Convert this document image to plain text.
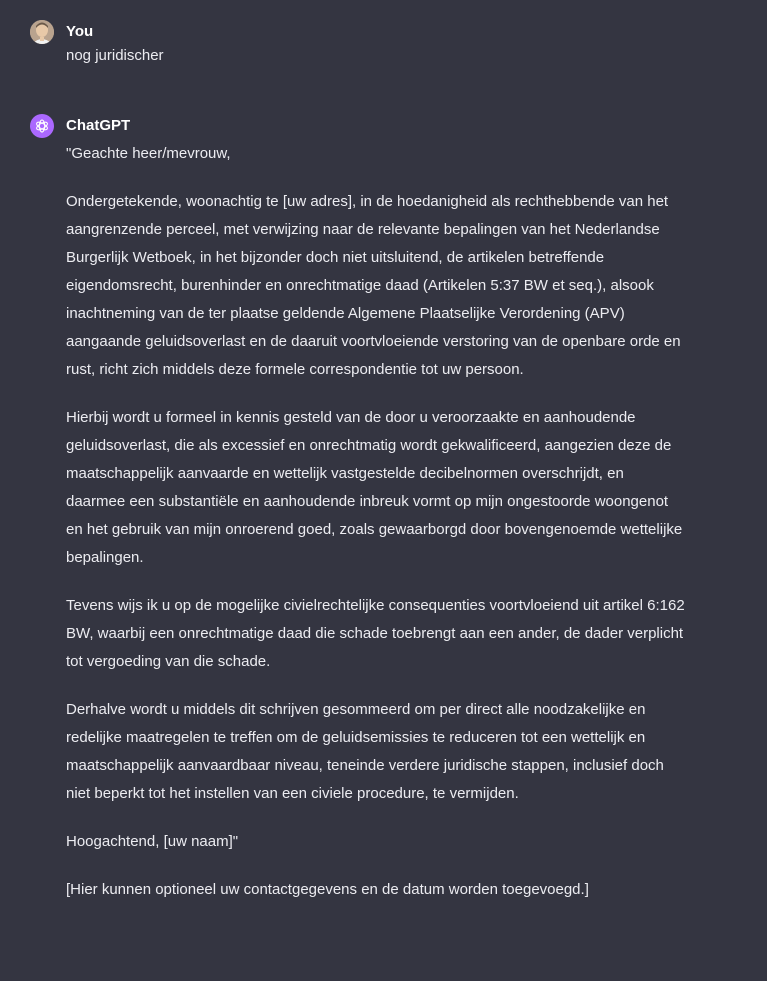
You
nog juridischer
ChatGPT

"Geachte heer/mevrouw,

Ondergetekende, woonachtig te [uw adres], in de hoedanigheid als rechthebbende van het aangrenzende perceel, met verwijzing naar de relevante bepalingen van het Nederlandse Burgerlijk Wetboek, in het bijzonder doch niet uitsluitend, de artikelen betreffende eigendomsrecht, burenhinder en onrechtmatige daad (Artikelen 5:37 BW et seq.), alsook inachtneming van de ter plaatse geldende Algemene Plaatselijke Verordening (APV) aangaande geluidsoverlast en de daaruit voortvloeiende verstoring van de openbare orde en rust, richt zich middels deze formele correspondentie tot uw persoon.

Hierbij wordt u formeel in kennis gesteld van de door u veroorzaakte en aanhoudende geluidsoverlast, die als excessief en onrechtmatig wordt gekwalificeerd, aangezien deze de maatschappelijk aanvaarde en wettelijk vastgestelde decibelnormen overschrijdt, en daarmee een substantiële en aanhoudende inbreuk vormt op mijn ongestoorde woongenot en het gebruik van mijn onroerend goed, zoals gewaarborgd door bovengenoemde wettelijke bepalingen.

Tevens wijs ik u op de mogelijke civielrechtelijke consequenties voortvloeiend uit artikel 6:162 BW, waarbij een onrechtmatige daad die schade toebrengt aan een ander, de dader verplicht tot vergoeding van die schade.

Derhalve wordt u middels dit schrijven gesommeerd om per direct alle noodzakelijke en redelijke maatregelen te treffen om de geluidsemissies te reduceren tot een wettelijk en maatschappelijk aanvaardbaar niveau, teneinde verdere juridische stappen, inclusief doch niet beperkt tot het instellen van een civiele procedure, te vermijden.

Hoogachtend, [uw naam]"

[Hier kunnen optioneel uw contactgegevens en de datum worden toegevoegd.]
